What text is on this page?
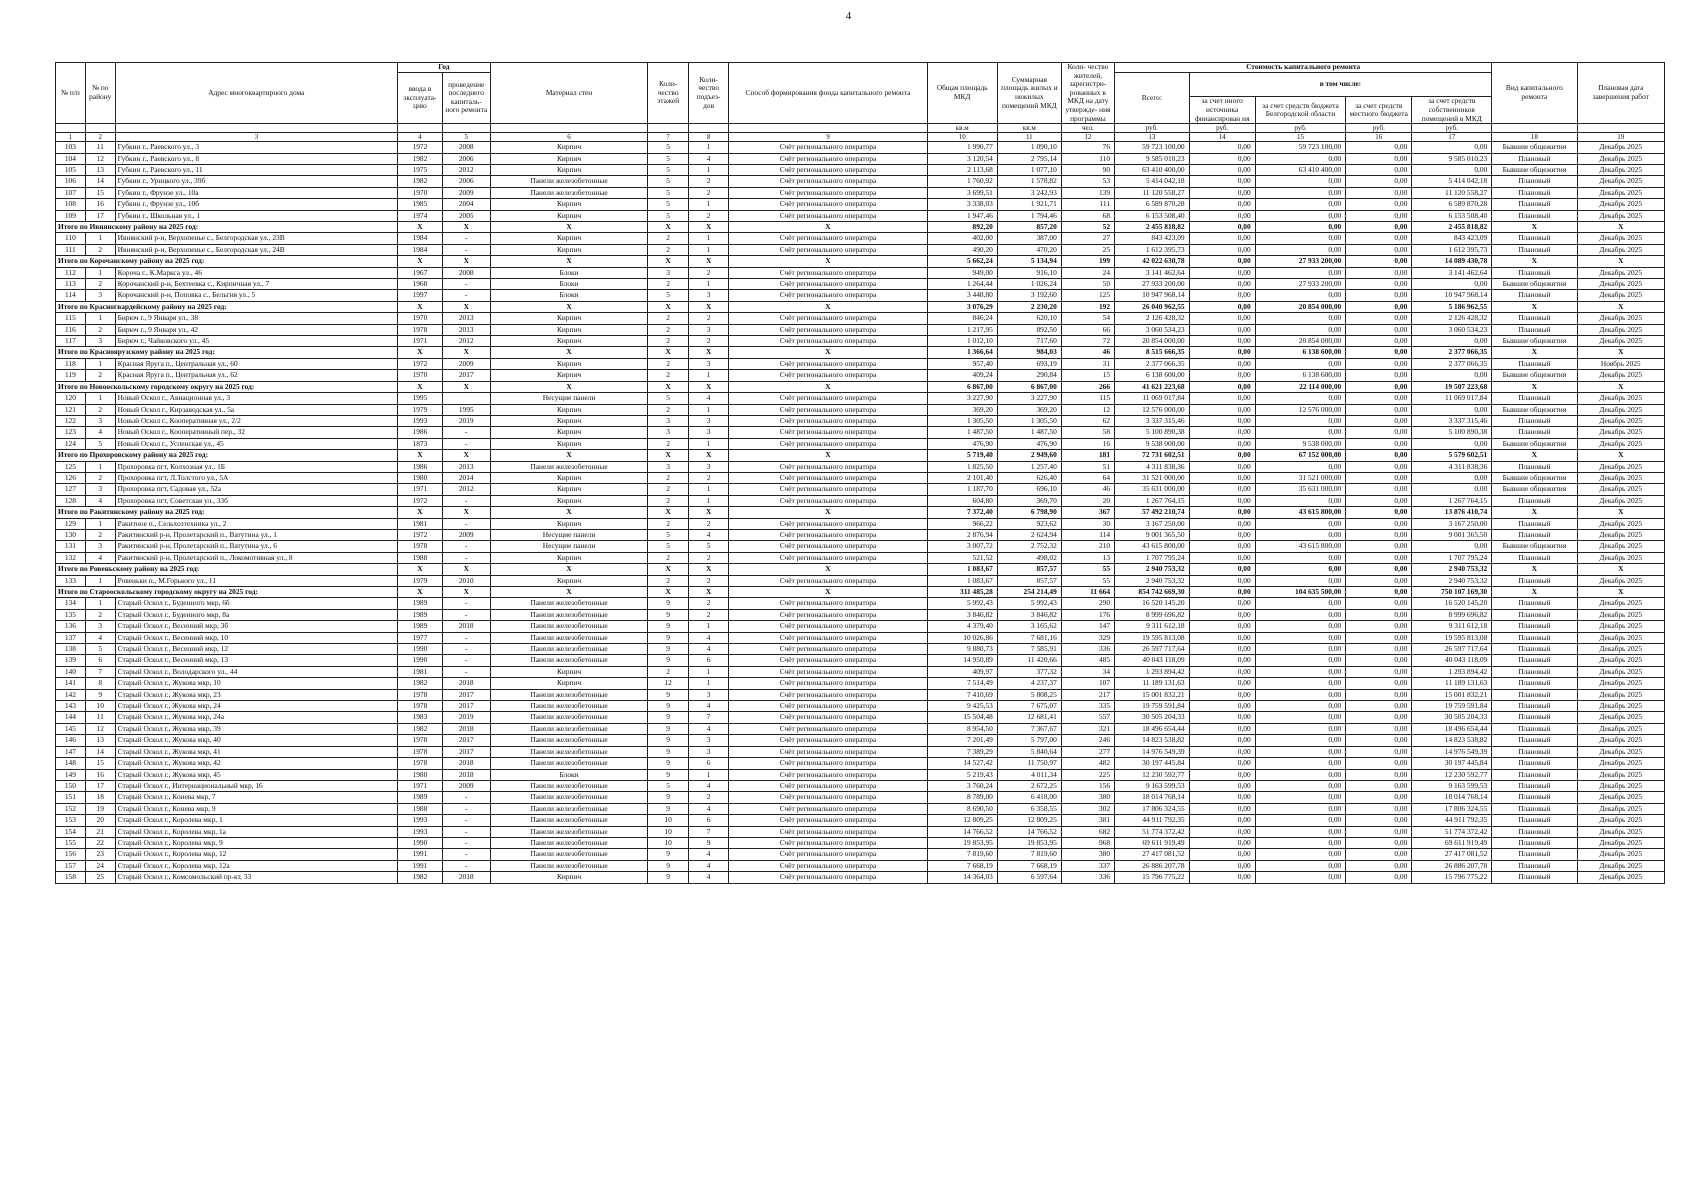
4
№ п/п	№ по району	Адрес многоквартирного дома	Год		Материал стен	Коли- чество этажей	Коли- чество подъез- дов	Способ формирования фонда капитального ремонта	Общая площадь МКД	Суммарная площадь жилых и нежилых помещений МКД	Коли- чество жителей, зарегистри- рованных в МКД на дату утвержде- ния программы	Стоимость капитального ремонта					Вид капитального ремонта	Плановая дата завершения работ
			ввода в эксплуата- цию	проведение последнего капиталь- ного ремонта								Всего:	в том числе:					
													за счет иного источника финансирован ия	за счет средств бюджета Белгородской области	за счет средств местного бюджета	за счет средств собственников помещений в МКД		
									кв.м	кв.м	чел.	руб.	руб.	руб.	руб.	руб.		
1	2	3	4	5	6	7	8	9	10	11	12	13	14	15	16	17	18	19
103	11	Губкин г., Раевского ул., 3	1972	2008	Кирпич	5	1	Счёт регионального оператора	1 990,77	1 090,10	76	59 723 100,00	0,00	59 723 100,00	0,00	0,00	Бывшие общежития	Декабрь 2025
104	12	Губкин г., Раевского ул., 8	1982	2006	Кирпич	5	4	Счёт регионального оператора	3 120,54	2 795,14	110	9 585 010,23	0,00	0,00	0,00	9 585 010,23	Плановый	Декабрь 2025
105	13	Губкин г., Раевского ул., 11	1975	2012	Кирпич	5	1	Счёт регионального оператора	2 113,68	1 077,10	90	63 410 400,00	0,00	63 410 400,00	0,00	0,00	Бывшие общежития	Декабрь 2025
106	14	Губкин г., Урицкого ул., 39б	1982	2006	Панели железобетонные	5	2	Счёт регионального оператора	1 760,92	1 578,82	53	5 414 042,18	0,00	0,00	0,00	5 414 042,18	Плановый	Декабрь 2025
107	15	Губкин г., Фрунзе ул., 10а	1970	2009	Панели железобетонные	5	2	Счёт регионального оператора	3 699,51	3 242,93	139	11 120 558,27	0,00	0,00	0,00	11 120 558,27	Плановый	Декабрь 2025
108	16	Губкин г., Фрунзе ул., 10б	1985	2004	Кирпич	5	1	Счёт регионального оператора	3 338,03	1 921,71	111	6 589 870,28	0,00	0,00	0,00	6 589 870,28	Плановый	Декабрь 2025
109	17	Губкин г., Школьная ул., 1	1974	2005	Кирпич	5	2	Счёт регионального оператора	1 947,46	1 794,46	68	6 153 508,40	0,00	0,00	0,00	6 153 508,40	Плановый	Декабрь 2025
Итого по Ивнянскому району на 2025 год:			X	X	X	X	X	X	892,20	857,20	52	2 455 818,82	0,00	0,00	0,00	2 455 818,82	X	X
110	1	Ивнянский р-н, Верхопенье с., Белгородская ул., 23В	1984	-	Кирпич	2	1	Счёт регионального оператора	402,00	387,00	27	843 423,09	0,00	0,00	0,00	843 423,09	Плановый	Декабрь 2025
111	2	Ивнянский р-н, Верхопенье с., Белгородская ул., 24В	1984	-	Кирпич	2	1	Счёт регионального оператора	490,20	470,20	25	1 612 395,73	0,00	0,00	0,00	1 612 395,73	Плановый	Декабрь 2025
Итого по Корочанскому району на 2025 год:			X	X	X	X	X	X	5 662,24	5 134,94	199	42 022 630,78	0,00	27 933 200,00	0,00	14 089 430,78	X	X
112	1	Короча г., К.Маркса ул., 46	1967	2008	Блоки	3	2	Счёт регионального оператора	949,00	916,10	24	3 141 462,64	0,00	0,00	0,00	3 141 462,64	Плановый	Декабрь 2025
113	2	Корочанский р-н, Бехтеевка с., Кирпичная ул., 7	1968	-	Блоки	2	1	Счёт регионального оператора	1 264,44	1 026,24	50	27 933 200,00	0,00	27 933 200,00	0,00	0,00	Бывшие общежития	Декабрь 2025
114	3	Корочанский р-н, Поповка с., Бельгия ул., 5	1997	-	Блоки	5	3	Счёт регионального оператора	3 448,80	3 192,60	125	10 947 968,14	0,00	0,00	0,00	10 947 968,14	Плановый	Декабрь 2025
Итого по Красногвардейскому району на 2025 год:			X	X	X	X	X	X	3 076,29	2 230,20	192	26 040 962,55	0,00	20 854 000,00	0,00	5 186 962,55	X	X
115	1	Бирюч г., 9 Января ул., 38	1970	2013	Кирпич	2	2	Счёт регионального оператора	846,24	620,10	54	2 126 428,32	0,00	0,00	0,00	2 126 428,32	Плановый	Декабрь 2025
116	2	Бирюч г., 9 Января ул., 42	1978	2013	Кирпич	2	3	Счёт регионального оператора	1 217,95	892,50	66	3 060 534,23	0,00	0,00	0,00	3 060 534,23	Плановый	Декабрь 2025
117	3	Бирюч г., Чайковского ул., 45	1971	2012	Кирпич	2	2	Счёт регионального оператора	1 012,10	717,60	72	20 854 000,00	0,00	20 854 000,00	0,00	0,00	Бывшие общежития	Декабрь 2025
Итого по Красноярузскому району на 2025 год:			X	X	X	X	X	X	1 366,64	984,03	46	8 515 666,35	0,00	6 138 600,00	0,00	2 377 066,35	X	X
118	1	Красная Яруга п., Центральная ул., 60	1972	2009	Кирпич	2	3	Счёт регионального оператора	957,40	693,19	31	2 377 066,35	0,00	0,00	0,00	2 377 066,35	Плановый	Ноябрь 2025
119	2	Красная Яруга п., Центральная ул., 62	1970	2017	Кирпич	2	1	Счёт регионального оператора	409,24	290,84	15	6 138 600,00	0,00	6 138 600,00	0,00	0,00	Бывшие общежития	Декабрь 2025
Итого по Новооскольскому городскому округу на 2025 год:			X	X	X	X	X	X	6 867,00	6 867,00	266	41 621 223,68	0,00	22 114 000,00	0,00	19 507 223,68	X	X
120	1	Новый Оскол г., Авиационная ул., 3	1995		Несущие панели	5	4	Счёт регионального оператора	3 227,90	3 227,90	115	11 069 017,84	0,00	0,00	0,00	11 069 017,84	Плановый	Декабрь 2025
121	2	Новый Оскол г., Кирзаводская ул., 5а	1979	1995	Кирпич	2	1	Счёт регионального оператора	369,20	369,20	12	12 576 000,00	0,00	12 576 000,00	0,00	0,00	Бывшие общежития	Декабрь 2025
122	3	Новый Оскол г., Кооперативная ул., 2/2	1993	2019	Кирпич	3	3	Счёт регионального оператора	1 305,50	1 305,50	62	3 337 315,46	0,00	0,00	0,00	3 337 315,46	Плановый	Декабрь 2025
123	4	Новый Оскол г., Кооперативный пер., 32	1986	-	Кирпич	3	3	Счёт регионального оператора	1 487,50	1 487,50	58	5 100 890,38	0,00	0,00	0,00	5 100 890,38	Плановый	Декабрь 2025
124	5	Новый Оскол г., Успенская ул., 45	1873	-	Кирпич	2	1	Счёт регионального оператора	476,90	476,90	16	9 538 000,00	0,00	9 538 000,00	0,00	0,00	Бывшие общежития	Декабрь 2025
Итого по Прохоровскому району на 2025 год:			X	X	X	X	X	X	5 719,40	2 949,60	181	72 731 602,51	0,00	67 152 000,00	0,00	5 579 602,51	X	X
125	1	Прохоровка пгт, Колхозная ул., 1Б	1986	2013	Панели железобетонные	3	3	Счёт регионального оператора	1 825,50	1 257,40	51	4 311 838,36	0,00	0,00	0,00	4 311 838,36	Плановый	Декабрь 2025
126	2	Прохоровка пгт, Л.Толстого ул., 5А	1980	2014	Кирпич	2	2	Счёт регионального оператора	2 101,40	626,40	64	31 521 000,00	0,00	31 521 000,00	0,00	0,00	Бывшие общежития	Декабрь 2025
127	3	Прохоровка пгт, Садовая ул., 52а	1971	2012	Кирпич	2	1	Счёт регионального оператора	1 187,70	696,10	46	35 631 000,00	0,00	35 631 000,00	0,00	0,00	Бывшие общежития	Декабрь 2025
128	4	Прохоровка пгт, Советская ул., 33б	1972	-	Кирпич	2	1	Счёт регионального оператора	604,80	369,70	20	1 267 764,15	0,00	0,00	0,00	1 267 764,15	Плановый	Декабрь 2025
Итого по Ракитянскому району на 2025 год:			X	X	X	X	X	X	7 372,40	6 798,90	367	57 492 210,74	0,00	43 615 800,00	0,00	13 876 410,74	X	X
129	1	Ракитное п., Сельхозтехника ул., 2	1981	-	Кирпич	2	2	Счёт регионального оператора	966,22	923,62	30	3 167 250,00	0,00	0,00	0,00	3 167 250,00	Плановый	Декабрь 2025
130	2	Ракитянский р-н, Пролетарский п., Ватутина ул., 1	1972	2009	Несущие панели	5	4	Счёт регионального оператора	2 876,94	2 624,94	114	9 001 365,50	0,00	0,00	0,00	9 001 365,50	Плановый	Декабрь 2025
131	3	Ракитянский р-н, Пролетарский п., Ватутина ул., 6	1978	-	Несущие панели	5	5	Счёт регионального оператора	3 007,72	2 752,32	210	43 615 800,00	0,00	43 615 800,00	0,00	0,00	Бывшие общежития	Декабрь 2025
132	4	Ракитянский р-н, Пролетарский п., Локомотивная ул., 8	1988	-	Кирпич	2	2	Счёт регионального оператора	521,52	498,02	13	1 707 795,24	0,00	0,00	0,00	1 707 795,24	Плановый	Декабрь 2025
Итого по Ровеньскому району на 2025 год:			X	X	X	X	X	X	1 083,67	857,57	55	2 940 753,32	0,00	0,00	0,00	2 940 753,32	X	X
133	1	Ровеньки п., М.Горького ул., 11	1979	2010	Кирпич	2	2	Счёт регионального оператора	1 083,67	857,57	55	2 940 753,32	0,00	0,00	0,00	2 940 753,32	Плановый	Декабрь 2025
Итого по Старооскольскому городскому округу на 2025 год:			X	X	X	X	X	X	311 485,28	254 214,49	11 664	854 742 669,30	0,00	104 635 500,00	0,00	750 107 169,30	X	X
134	1	Старый Оскол г., Буденного мкр, 6б	1989	-	Панели железобетонные	9	2	Счёт регионального оператора	5 992,43	5 992,43	290	16 520 145,20	0,00	0,00	0,00	16 520 145,20	Плановый	Декабрь 2025
135	2	Старый Оскол г., Буденного мкр, 8а	1989	-	Панели железобетонные	9	2	Счёт регионального оператора	3 846,82	3 846,82	176	8 999 696,82	0,00	0,00	0,00	8 999 696,82	Плановый	Декабрь 2025
136	3	Старый Оскол г., Весенний мкр, 3б	1989	2018	Панели железобетонные	9	1	Счёт регионального оператора	4 379,40	3 165,62	147	9 311 612,18	0,00	0,00	0,00	9 311 612,18	Плановый	Декабрь 2025
137	4	Старый Оскол г., Весенний мкр, 10	1977	-	Панели железобетонные	9	4	Счёт регионального оператора	10 026,86	7 681,16	329	19 595 813,08	0,00	0,00	0,00	19 595 813,08	Плановый	Декабрь 2025
138	5	Старый Оскол г., Весенний мкр, 12	1990	-	Панели железобетонные	9	4	Счёт регионального оператора	9 880,73	7 585,91	336	26 597 717,64	0,00	0,00	0,00	26 597 717,64	Плановый	Декабрь 2025
139	6	Старый Оскол г., Весенний мкр, 13	1990	-	Панели железобетонные	9	6	Счёт регионального оператора	14 950,89	11 420,66	485	40 043 118,09	0,00	0,00	0,00	40 043 118,09	Плановый	Декабрь 2025
140	7	Старый Оскол г., Володарского ул., 44	1981	-	Кирпич	2	1	Счёт регионального оператора	409,97	377,32	34	1 293 894,42	0,00	0,00	0,00	1 293 894,42	Плановый	Декабрь 2025
141	8	Старый Оскол г., Жукова мкр, 10	1982	2018	Кирпич	12	1	Счёт регионального оператора	7 514,49	4 237,37	107	11 189 131,63	0,00	0,00	0,00	11 189 131,63	Плановый	Декабрь 2025
142	9	Старый Оскол г., Жукова мкр, 23	1978	2017	Панели железобетонные	9	3	Счёт регионального оператора	7 410,69	5 808,25	217	15 001 832,21	0,00	0,00	0,00	15 001 832,21	Плановый	Декабрь 2025
143	10	Старый Оскол г., Жукова мкр, 24	1978	2017	Панели железобетонные	9	4	Счёт регионального оператора	9 425,53	7 675,07	335	19 759 591,84	0,00	0,00	0,00	19 759 591,84	Плановый	Декабрь 2025
144	11	Старый Оскол г., Жукова мкр, 24а	1983	2019	Панели железобетонные	9	7	Счёт регионального оператора	15 504,48	12 681,41	557	30 505 204,33	0,00	0,00	0,00	30 505 204,33	Плановый	Декабрь 2025
145	12	Старый Оскол г., Жукова мкр, 39	1982	2018	Панели железобетонные	9	4	Счёт регионального оператора	8 954,50	7 367,67	321	18 496 654,44	0,00	0,00	0,00	18 496 654,44	Плановый	Декабрь 2025
146	13	Старый Оскол г., Жукова мкр, 40	1978	2017	Панели железобетонные	9	3	Счёт регионального оператора	7 201,49	5 797,00	246	14 823 538,82	0,00	0,00	0,00	14 823 538,82	Плановый	Декабрь 2025
147	14	Старый Оскол г., Жукова мкр, 41	1978	2017	Панели железобетонные	9	3	Счёт регионального оператора	7 389,29	5 840,64	277	14 976 549,39	0,00	0,00	0,00	14 976 549,39	Плановый	Декабрь 2025
148	15	Старый Оскол г., Жукова мкр, 42	1978	2018	Панели железобетонные	9	6	Счёт регионального оператора	14 527,42	11 750,97	482	30 197 445,84	0,00	0,00	0,00	30 197 445,84	Плановый	Декабрь 2025
149	16	Старый Оскол г., Жукова мкр, 45	1980	2018	Блоки	9	1	Счёт регионального оператора	5 219,43	4 011,34	225	12 230 592,77	0,00	0,00	0,00	12 230 592,77	Плановый	Декабрь 2025
150	17	Старый Оскол г., Интернациональный мкр, 16	1971	2009	Панели железобетонные	5	4	Счёт регионального оператора	3 760,24	2 672,25	156	9 163 599,53	0,00	0,00	0,00	9 163 599,53	Плановый	Декабрь 2025
151	18	Старый Оскол г., Конева мкр, 7	1989	-	Панели железобетонные	9	2	Счёт регионального оператора	8 789,00	6 418,00	380	18 014 768,14	0,00	0,00	0,00	18 014 768,14	Плановый	Декабрь 2025
152	19	Старый Оскол г., Конева мкр, 9	1988	-	Панели железобетонные	9	4	Счёт регионального оператора	8 690,50	6 358,55	302	17 806 324,55	0,00	0,00	0,00	17 806 324,55	Плановый	Декабрь 2025
153	20	Старый Оскол г., Королева мкр, 1	1993	-	Панели железобетонные	10	6	Счёт регионального оператора	12 809,25	12 809,25	381	44 911 792,35	0,00	0,00	0,00	44 911 792,35	Плановый	Декабрь 2025
154	21	Старый Оскол г., Королева мкр, 1а	1993	-	Панели железобетонные	10	7	Счёт регионального оператора	14 766,52	14 766,52	682	51 774 372,42	0,00	0,00	0,00	51 774 372,42	Плановый	Декабрь 2025
155	22	Старый Оскол г., Королева мкр, 9	1990	-	Панели железобетонные	10	9	Счёт регионального оператора	19 853,95	19 853,95	968	69 611 919,49	0,00	0,00	0,00	69 611 919,49	Плановый	Декабрь 2025
156	23	Старый Оскол г., Королева мкр, 12	1991	-	Панели железобетонные	9	4	Счёт регионального оператора	7 819,60	7 819,60	380	27 417 081,52	0,00	0,00	0,00	27 417 081,52	Плановый	Декабрь 2025
157	24	Старый Оскол г., Королева мкр, 12а	1991	-	Панели железобетонные	9	4	Счёт регионального оператора	7 668,19	7 668,19	337	26 886 207,78	0,00	0,00	0,00	26 886 207,78	Плановый	Декабрь 2025
158	25	Старый Оскол г., Комсомольский пр-кт, 33	1982	2018	Кирпич	9	4	Счёт регионального оператора	14 364,03	6 597,64	336	15 796 775,22	0,00	0,00	0,00	15 796 775,22	Плановый	Декабрь 2025
